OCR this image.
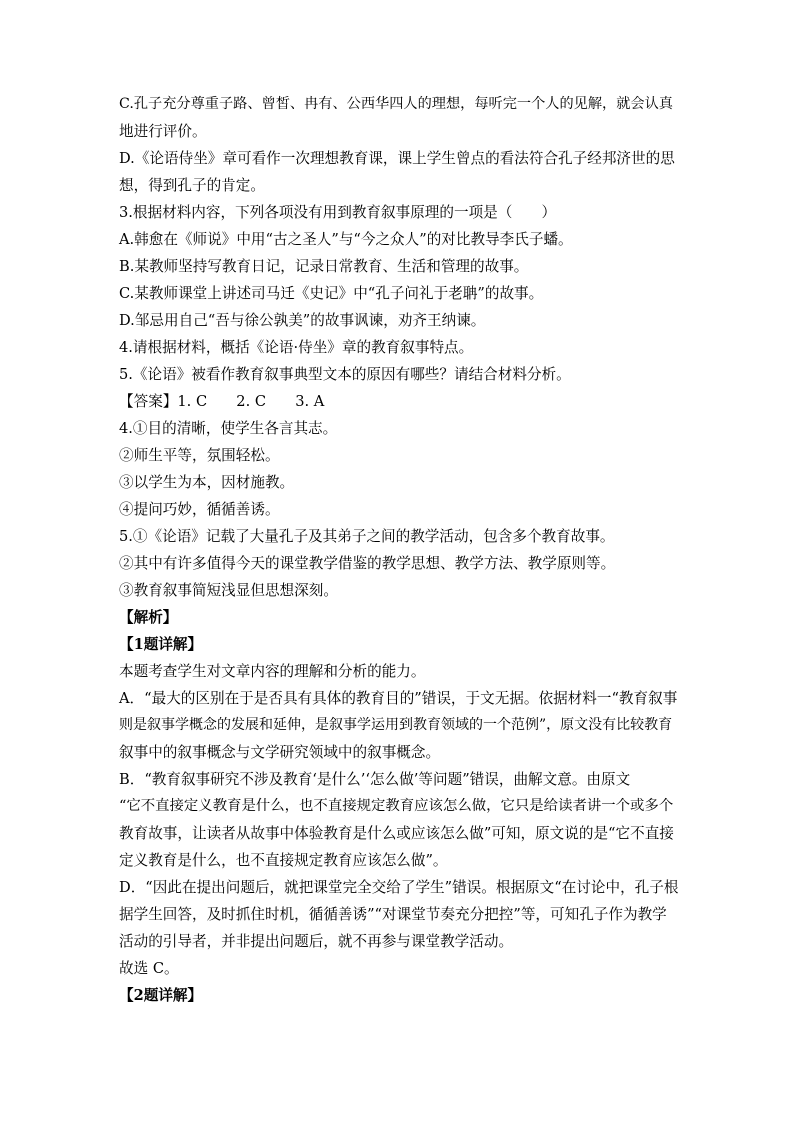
C.孔子充分尊重子路、曾皙、冉有、公西华四人的理想，每听完一个人的见解，就会认真
地进行评价。
D.《论语侍坐》章可看作一次理想教育课，课上学生曾点的看法符合孔子经邦济世的思
想，得到孔子的肯定。
3.根据材料内容，下列各项没有用到教育叙事原理的一项是（　　）
A.韩愈在《师说》中用“古之圣人”与“今之众人”的对比教导李氏子蟠。
B.某教师坚持写教育日记，记录日常教育、生活和管理的故事。
C.某教师课堂上讲述司马迁《史记》中“孔子问礼于老聃”的故事。
D.邹忌用自己“吾与徐公孰美”的故事讽谏，劝齐王纳谏。
4.请根据材料，概括《论语·侍坐》章的教育叙事特点。
5.《论语》被看作教育叙事典型文本的原因有哪些？请结合材料分析。
【答案】1. C　　2. C　　3. A
4.①目的清晰，使学生各言其志。
②师生平等，氛围轻松。
③以学生为本，因材施教。
④提问巧妙，循循善诱。
5.①《论语》记载了大量孔子及其弟子之间的教学活动，包含多个教育故事。
②其中有许多值得今天的课堂教学借鉴的教学思想、教学方法、教学原则等。
③教育叙事简短浅显但思想深刻。
【解析】
【1题详解】
本题考查学生对文章内容的理解和分析的能力。
A．“最大的区别在于是否具有具体的教育目的”错误，于文无据。依据材料一“教育叙事
则是叙事学概念的发展和延伸，是叙事学运用到教育领域的一个范例”，原文没有比较教育
叙事中的叙事概念与文学研究领域中的叙事概念。
B．“教育叙事研究不涉及教育‘是什么’‘怎么做’等问题”错误，曲解文意。由原文
“它不直接定义教育是什么，也不直接规定教育应该怎么做，它只是给读者讲一个或多个
教育故事，让读者从故事中体验教育是什么或应该怎么做”可知，原文说的是“它不直接
定义教育是什么，也不直接规定教育应该怎么做”。
D．“因此在提出问题后，就把课堂完全交给了学生”错误。根据原文“在讨论中，孔子根
据学生回答，及时抓住时机，循循善诱”“对课堂节奏充分把控”等，可知孔子作为教学
活动的引导者，并非提出问题后，就不再参与课堂教学活动。
故选 C。
【2题详解】
